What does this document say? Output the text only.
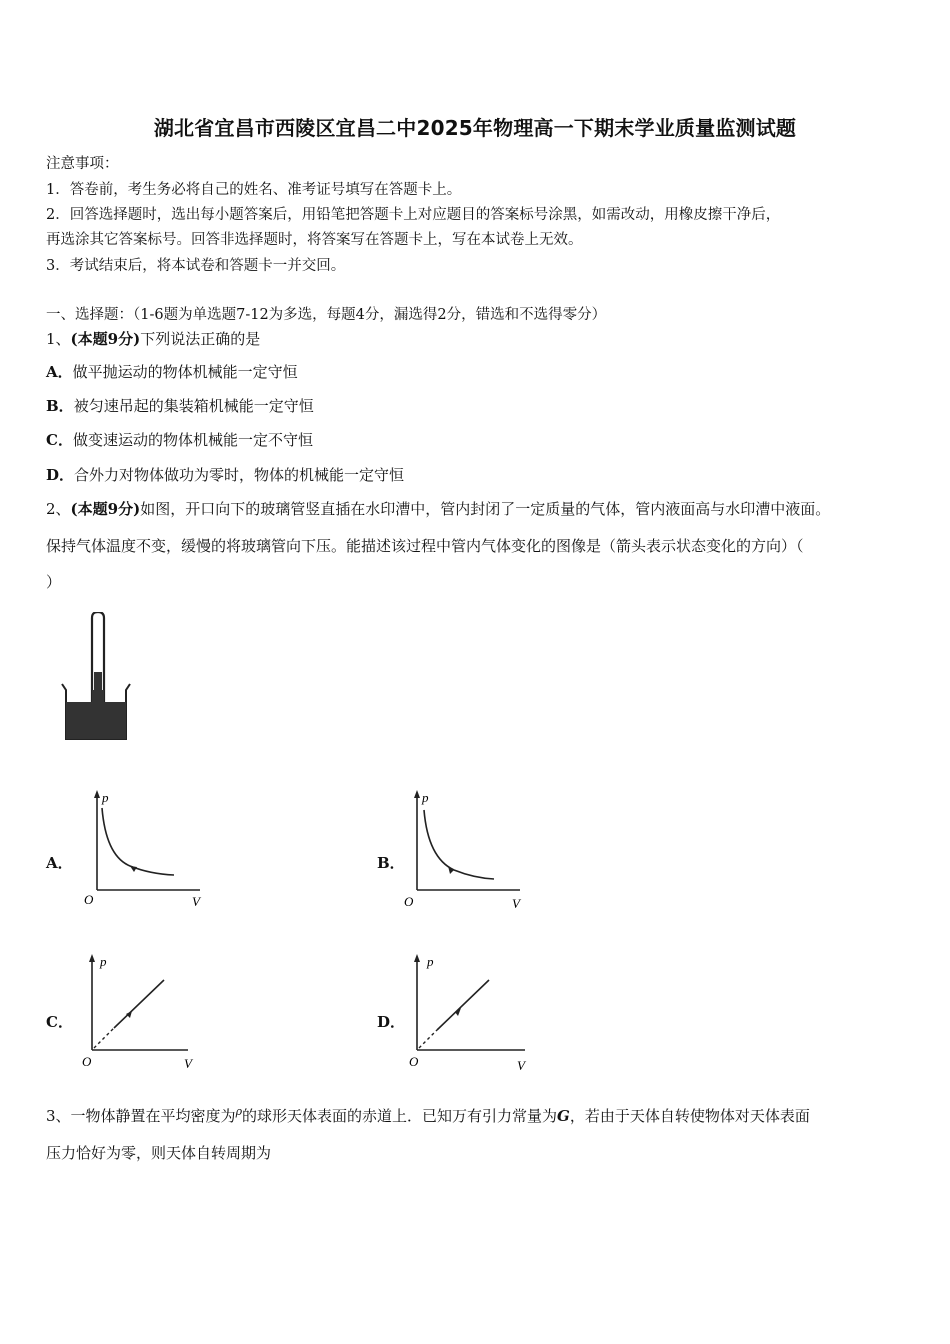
湖北省宜昌市西陵区宜昌二中2025年物理高一下期末学业质量监测试题
注意事项：
1．答卷前，考生务必将自己的姓名、准考证号填写在答题卡上。
2．回答选择题时，选出每小题答案后，用铅笔把答题卡上对应题目的答案标号涂黑，如需改动，用橡皮擦干净后，
再选涂其它答案标号。回答非选择题时，将答案写在答题卡上，写在本试卷上无效。
3．考试结束后，将本试卷和答题卡一并交回。
一、选择题：（1-6题为单选题7-12为多选，每题4分，漏选得2分，错选和不选得零分）
1、(本题9分)下列说法正确的是
A．做平抛运动的物体机械能一定守恒
B．被匀速吊起的集装箱机械能一定守恒
C．做变速运动的物体机械能一定不守恒
D．合外力对物体做功为零时，物体的机械能一定守恒
2、(本题9分)如图，开口向下的玻璃管竖直插在水印漕中，管内封闭了一定质量的气体，管内液面高与水印漕中液面。
保持气体温度不变，缓慢的将玻璃管向下压。能描述该过程中管内气体变化的图像是（箭头表示状态变化的方向）（
）
A．
p
V
O
B．
p
V
O
C．
p
V
O
D．
p
V
O
3、一物体静置在平均密度为$^\rho$的球形天体表面的赤道上．已知万有引力常量为G，若由于天体自转使物体对天体表面
压力恰好为零，则天体自转周期为
